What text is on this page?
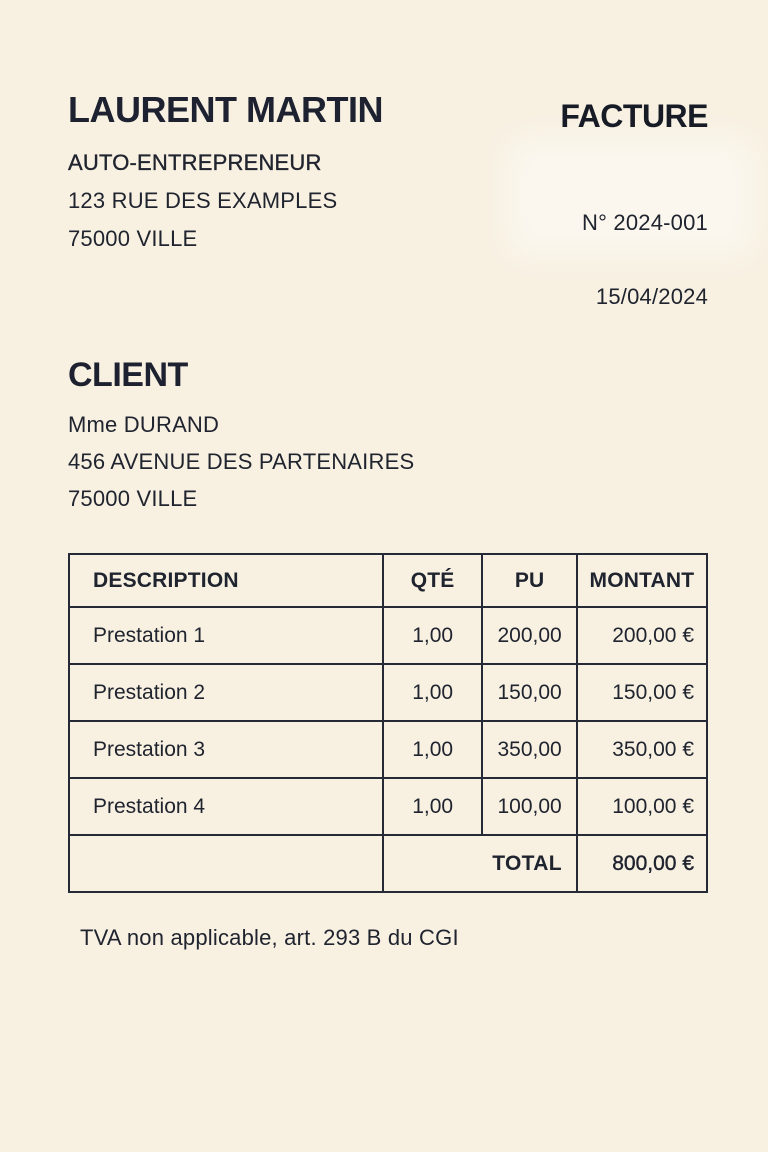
LAURENT MARTIN
AUTO-ENTREPRENEUR
123 RUE DES EXAMPLES
75000 VILLE
FACTURE
N° 2024-001
15/04/2024
CLIENT
Mme DURAND
456 AVENUE DES PARTENAIRES
75000 VILLE
DESCRIPTION	QTÉ	PU	MONTANT
Prestation 1	1,00	200,00	200,00 €
Prestation 2	1,00	150,00	150,00 €
Prestation 3	1,00	350,00	350,00 €
Prestation 4	1,00	100,00	100,00 €
	TOTAL		800,00 €
TVA non applicable, art. 293 B du CGI
